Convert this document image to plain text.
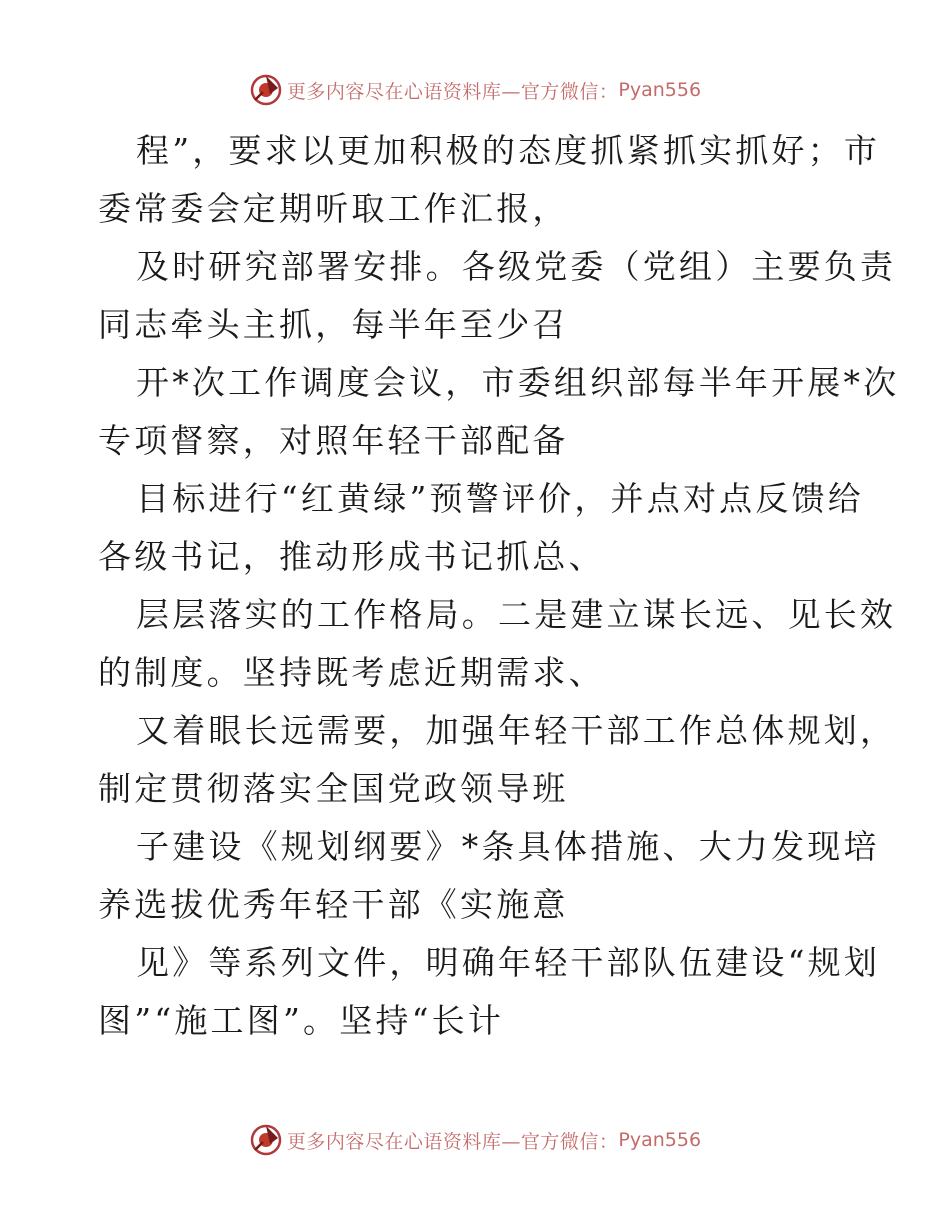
更多内容尽在心语资料库—官方微信： Pyan556

程”，要求以更加积极的态度抓紧抓实抓好；市
委常委会定期听取工作汇报，

及时研究部署安排。各级党委（党组）主要负责
同志牵头主抓，每半年至少召

开*次工作调度会议，市委组织部每半年开展*次
专项督察，对照年轻干部配备

目标进行“红黄绿”预警评价，并点对点反馈给
各级书记，推动形成书记抓总、

层层落实的工作格局。二是建立谋长远、见长效
的制度。坚持既考虑近期需求、

又着眼长远需要，加强年轻干部工作总体规划，
制定贯彻落实全国党政领导班

子建设《规划纲要》*条具体措施、大力发现培
养选拔优秀年轻干部《实施意

见》等系列文件，明确年轻干部队伍建设“规划
图”“施工图”。坚持“长计

更多内容尽在心语资料库—官方微信： Pyan556
